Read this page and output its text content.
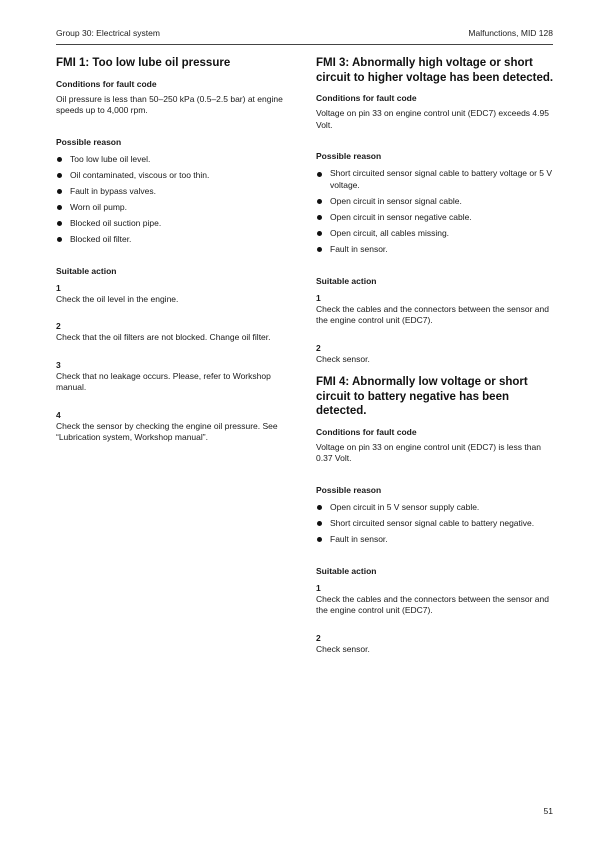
Group 30: Electrical system	Malfunctions, MID 128
FMI 1: Too low lube oil pressure
Conditions for fault code

Oil pressure is less than 50–250 kPa (0.5–2.5 bar) at engine speeds up to 4,000 rpm.

Possible reason
Too low lube oil level.
Oil contaminated, viscous or too thin.
Fault in bypass valves.
Worn oil pump.
Blocked oil suction pipe.
Blocked oil filter.
Suitable action

1

Check the oil level in the engine.

2

Check that the oil filters are not blocked. Change oil filter.

3

Check that no leakage occurs. Please, refer to Workshop manual.

4

Check the sensor by checking the engine oil pressure. See “Lubrication system, Workshop manual”.

FMI 3: Abnormally high voltage or short circuit to higher voltage has been detected.
Conditions for fault code

Voltage on pin 33 on engine control unit (EDC7) exceeds 4.95 Volt.

Possible reason
Short circuited sensor signal cable to battery voltage or 5 V voltage.
Open circuit in sensor signal cable.
Open circuit in sensor negative cable.
Open circuit, all cables missing.
Fault in sensor.
Suitable action

1

Check the cables and the connectors between the sensor and the engine control unit (EDC7).

2

Check sensor.

FMI 4: Abnormally low voltage or short circuit to battery negative has been detected.
Conditions for fault code

Voltage on pin 33 on engine control unit (EDC7) is less than 0.37 Volt.

Possible reason
Open circuit in 5 V sensor supply cable.
Short circuited sensor signal cable to battery negative.
Fault in sensor.
Suitable action

1

Check the cables and the connectors between the sensor and the engine control unit (EDC7).

2

Check sensor.

51
